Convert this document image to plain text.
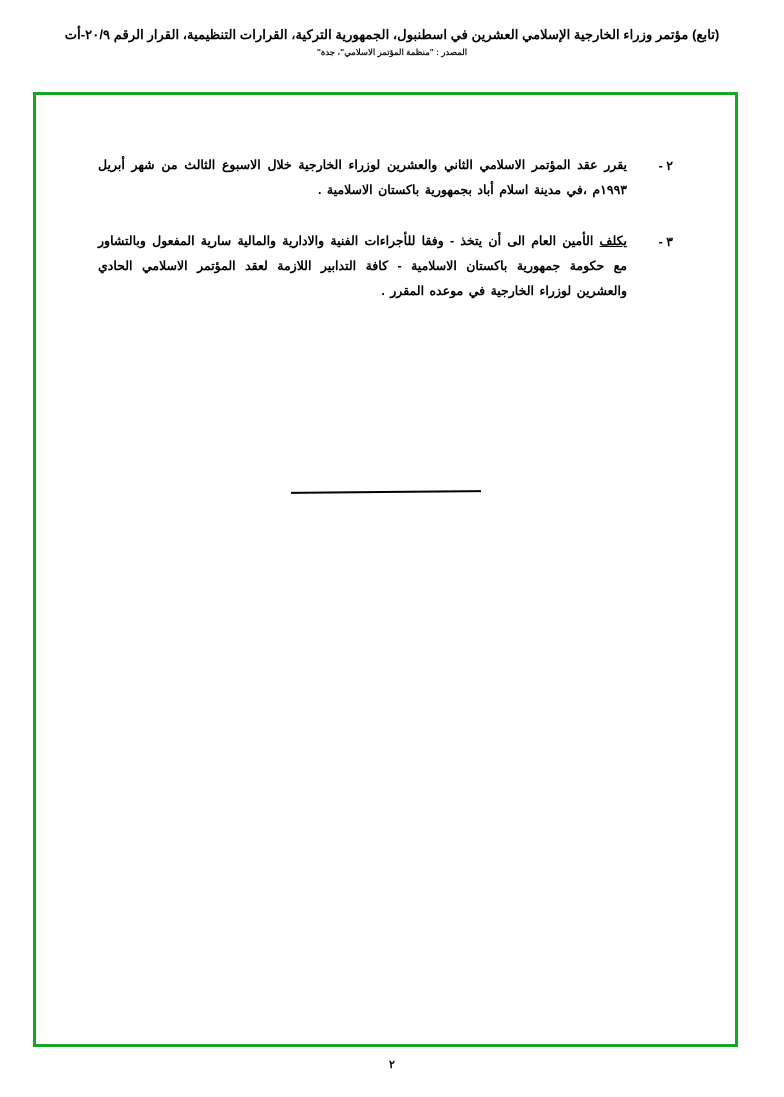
(تابع) مؤتمر وزراء الخارجية الإسلامي العشرين في اسطنبول، الجمهورية التركية، القرارات التنظيمية، القرار الرقم ٢٠/٩-أت
المصدر : "منظمة المؤتمر الاسلامي"، جدة"
٢ -
يقرر عقد المؤتمر الاسلامي الثاني والعشرين لوزراء الخارجية خلال الاسبوع الثالث من شهر أبريل ١٩٩٣م ،في مدينة اسلام أباد بجمهورية باكستان الاسلامية .
٣ -
يكلف الأمين العام الى أن يتخذ - وفقا للأجراءات الفنية والادارية والمالية سارية المفعول وبالتشاور مع حكومة جمهورية باكستان الاسلامية - كافة التدابير اللازمة لعقد المؤتمر الاسلامي الحادي والعشرين لوزراء الخارجية في موعده المقرر .
٢
